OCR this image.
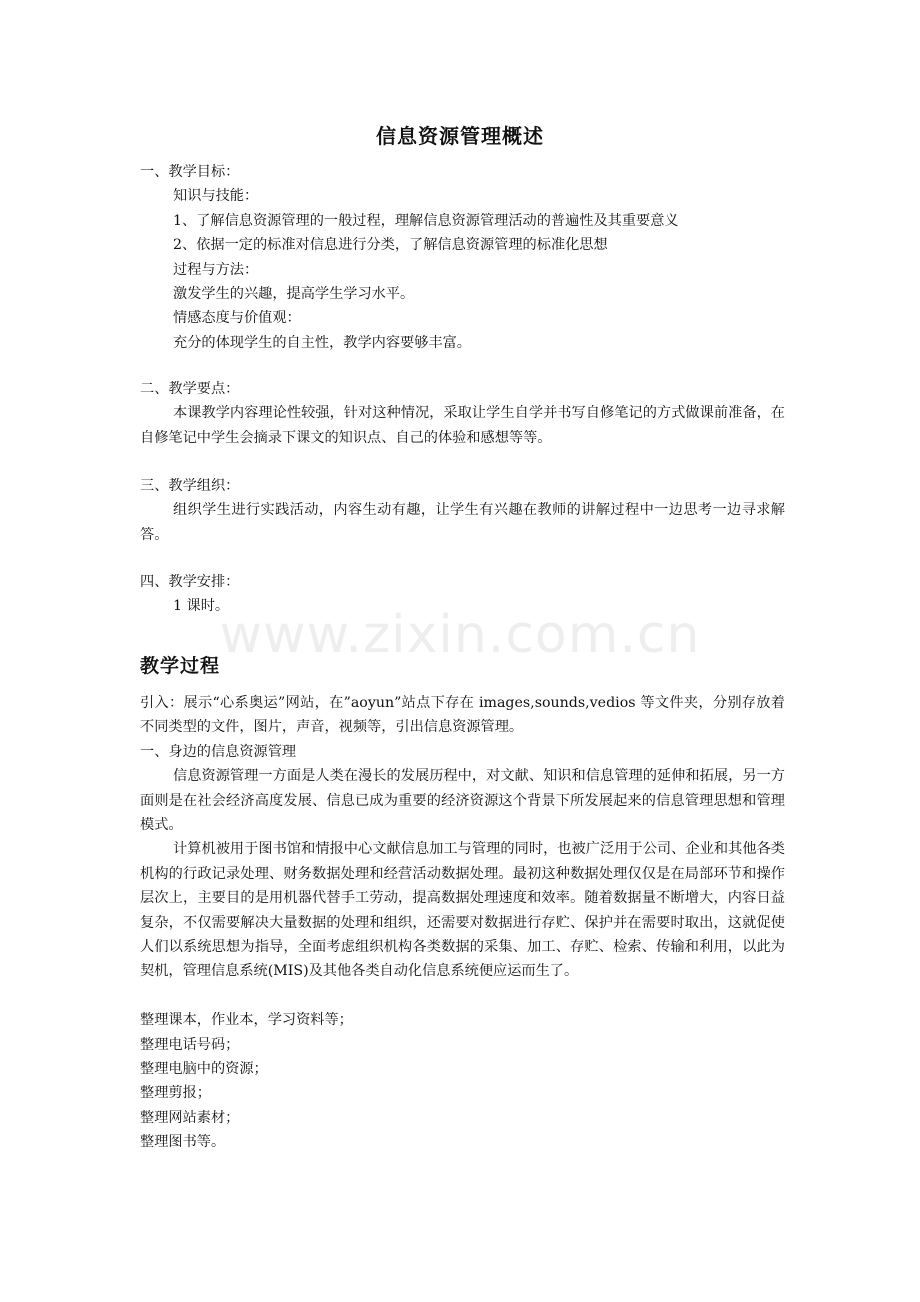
www.zixin.com.cn
信息资源管理概述
一、教学目标：
知识与技能：
1、了解信息资源管理的一般过程，理解信息资源管理活动的普遍性及其重要意义
2、依据一定的标准对信息进行分类，了解信息资源管理的标准化思想
过程与方法：
激发学生的兴趣，提高学生学习水平。
情感态度与价值观：
充分的体现学生的自主性，教学内容要够丰富。
二、教学要点：
本课教学内容理论性较强，针对这种情况，采取让学生自学并书写自修笔记的方式做课前准备，在自修笔记中学生会摘录下课文的知识点、自己的体验和感想等等。
三、教学组织：
组织学生进行实践活动，内容生动有趣，让学生有兴趣在教师的讲解过程中一边思考一边寻求解答。
四、教学安排：
1 课时。
教学过程
引入：展示“心系奥运”网站，在”aoyun”站点下存在 images,sounds,vedios 等文件夹，分别存放着不同类型的文件，图片，声音，视频等，引出信息资源管理。
一、身边的信息资源管理
信息资源管理一方面是人类在漫长的发展历程中，对文献、知识和信息管理的延伸和拓展，另一方面则是在社会经济高度发展、信息已成为重要的经济资源这个背景下所发展起来的信息管理思想和管理模式。
计算机被用于图书馆和情报中心文献信息加工与管理的同时，也被广泛用于公司、企业和其他各类机构的行政记录处理、财务数据处理和经营活动数据处理。最初这种数据处理仅仅是在局部环节和操作层次上，主要目的是用机器代替手工劳动，提高数据处理速度和效率。随着数据量不断增大，内容日益复杂，不仅需要解决大量数据的处理和组织，还需要对数据进行存贮、保护并在需要时取出，这就促使人们以系统思想为指导，全面考虑组织机构各类数据的采集、加工、存贮、检索、传输和利用，以此为契机，管理信息系统(MIS)及其他各类自动化信息系统便应运而生了。
整理课本，作业本，学习资料等；
整理电话号码；
整理电脑中的资源；
整理剪报；
整理网站素材；
整理图书等。
